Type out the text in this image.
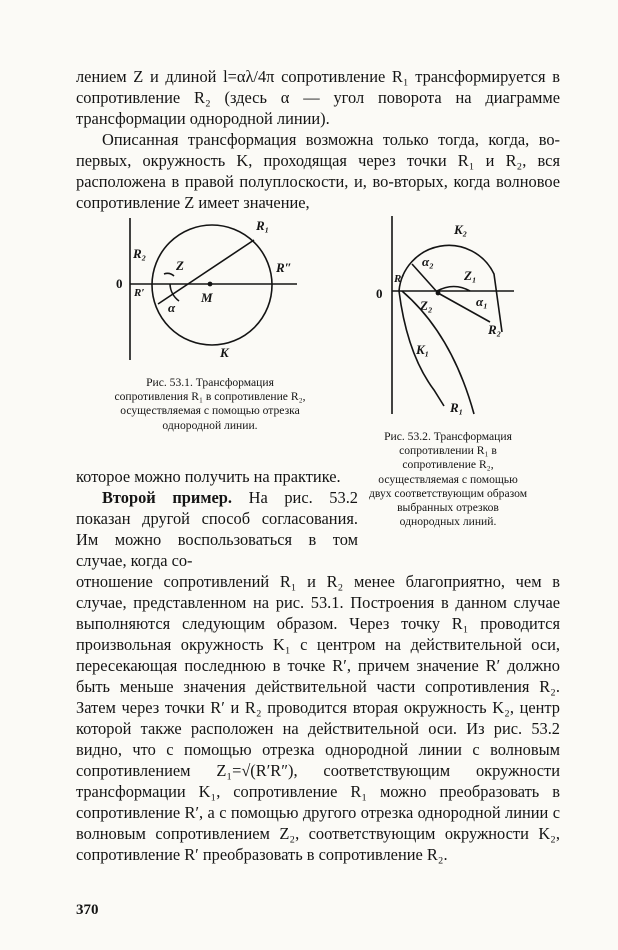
лением Z и длиной l=αλ/4π сопротивление R₁ трансформируется в сопротивление R₂ (здесь α — угол поворота на диаграмме трансформации однородной линии).

Описанная трансформация возможна только тогда, когда, во-первых, окружность K, проходящая через точки R₁ и R₂, вся расположена в правой полуплоскости, и, во-вторых, когда волновое сопротивление Z имеет значение,

0
R₁
R₂
R′
R″
Z
α
M
K
Рис. 53.1. Трансформация сопротивления R₁ в сопротивление R₂, осуществляемая с помощью отрезка однородной линии.
0
R′
K₂
α₂
Z₁
Z₂	α₁
R₂
K₁
R₁
Рис. 53.2. Трансформация сопротивлении R₁ в сопротивление R₂, осуществляемая с помощью двух соответствующим образом выбранных отрезков однородных линий.

которое можно получить на практике.

Второй пример. На рис. 53.2 показан другой способ согласования. Им можно воспользоваться в том случае, когда со-

отношение сопротивлений R₁ и R₂ менее благоприятно, чем в случае, представленном на рис. 53.1. Построения в данном случае выполняются следующим образом. Через точку R₁ проводится произвольная окружность K₁ с центром на действительной оси, пересекающая последнюю в точке R′, причем значение R′ должно быть меньше значения действительной части сопротивления R₂. Затем через точки R′ и R₂ проводится вторая окружность K₂, центр которой также расположен на действительной оси. Из рис. 53.2 видно, что с помощью отрезка однородной линии с волновым сопротивлением Z₁=√(R′R″), соответствующим окружности трансформации K₁, сопротивление R₁ можно преобразовать в сопротивление R′, а с помощью другого отрезка однородной линии с волновым сопротивлением Z₂, соответствующим окружности K₂, сопротивление R′ преобразовать в сопротивление R₂.

370
